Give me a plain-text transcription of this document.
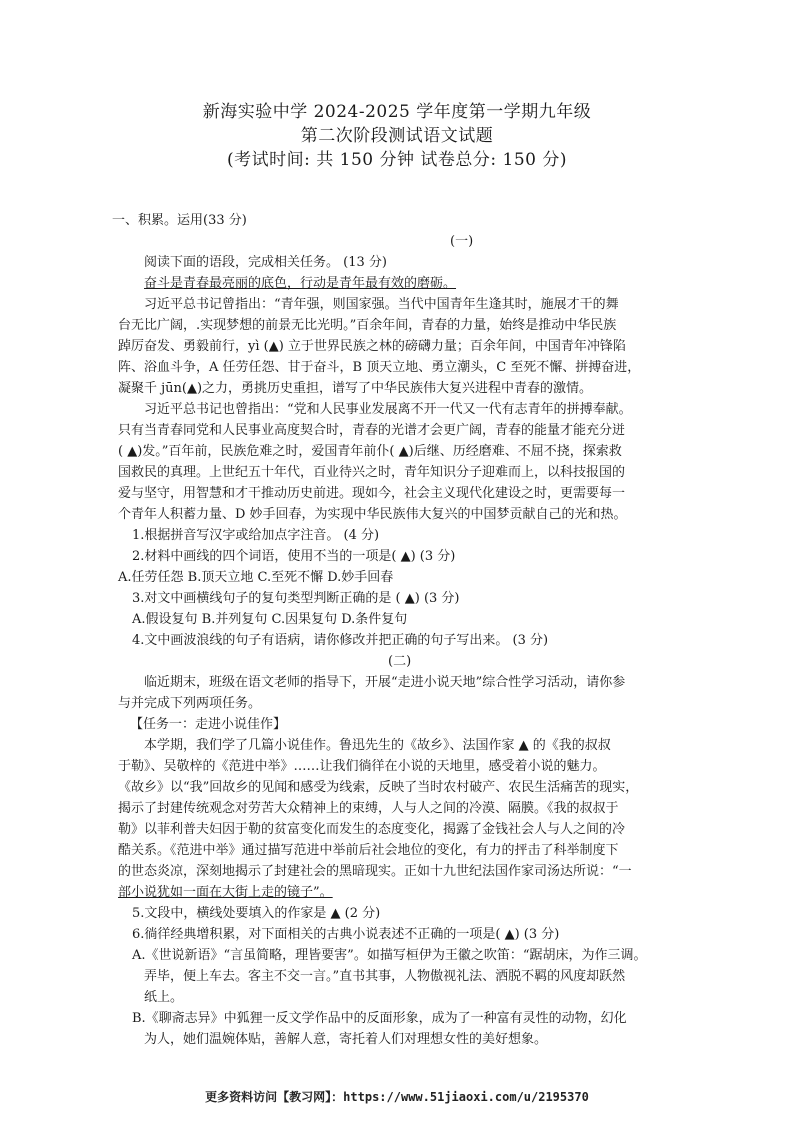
新海实验中学 2024-2025 学年度第一学期九年级
第二次阶段测试语文试题
(考试时间: 共 150 分钟 试卷总分: 150 分)
一、积累。运用(33 分)
(一)
阅读下面的语段，完成相关任务。 (13 分)
奋斗是青春最亮丽的底色，行动是青年最有效的磨砺。
习近平总书记曾指出：“青年强，则国家强。当代中国青年生逢其时，施展才干的舞
台无比广阔，.实现梦想的前景无比光明。”百余年间，青春的力量，始终是推动中华民族
踔厉奋发、勇毅前行，yì (▲) 立于世界民族之林的磅礴力量；百余年间，中国青年冲锋陷
阵、浴血斗争，A 任劳任怨、甘于奋斗，B 顶天立地、勇立潮头，C 至死不懈、拼搏奋进，
凝聚千 jūn(▲)之力，勇挑历史重担，谱写了中华民族伟大复兴进程中青春的激情。
习近平总书记也曾指出：“党和人民事业发展离不开一代又一代有志青年的拼搏奉献。
只有当青春同党和人民事业高度契合时，青春的光谱才会更广阔，青春的能量才能充分迸
( ▲)发。”百年前，民族危难之时，爱国青年前仆( ▲)后继、历经磨难、不屈不挠，探索救
国救民的真理。上世纪五十年代，百业待兴之时，青年知识分子迎难而上，以科技报国的
爱与坚守，用智慧和才干推动历史前进。现如今，社会主义现代化建设之时，更需要每一
个青年人积蓄力量、D 妙手回春，为实现中华民族伟大复兴的中国梦贡献自己的光和热。
1.根据拼音写汉字或给加点字注音。 (4 分)
2.材料中画线的四个词语，使用不当的一项是( ▲) (3 分)
A.任劳任怨 B.顶天立地 C.至死不懈 D.妙手回春
3.对文中画横线句子的复句类型判断正确的是 ( ▲) (3 分)
A.假设复句 B.并列复句 C.因果复句 D.条件复句
4.文中画波浪线的句子有语病，请你修改并把正确的句子写出来。 (3 分)
(二)
临近期末，班级在语文老师的指导下，开展“走进小说天地”综合性学习活动，请你参
与并完成下列两项任务。
【任务一：走进小说佳作】
本学期，我们学了几篇小说佳作。鲁迅先生的《故乡》、法国作家 ▲ 的《我的叔叔
于勒》、吴敬梓的《范进中举》……让我们徜徉在小说的天地里，感受着小说的魅力。
《故乡》以“我”回故乡的见闻和感受为线索，反映了当时农村破产、农民生活痛苦的现实，
揭示了封建传统观念对劳苦大众精神上的束缚，人与人之间的冷漠、隔膜。《我的叔叔于
勒》以菲利普夫妇因于勒的贫富变化而发生的态度变化，揭露了金钱社会人与人之间的冷
酷关系。《范进中举》通过描写范进中举前后社会地位的变化，有力的抨击了科举制度下
的世态炎凉，深刻地揭示了封建社会的黑暗现实。正如十九世纪法国作家司汤达所说：“一
部小说犹如一面在大街上走的镜子”。
5.文段中，横线处要填入的作家是 ▲ (2 分)
6.徜徉经典增积累，对下面相关的古典小说表述不正确的一项是( ▲) (3 分)
A.《世说新语》“言虽简略，理皆要害”。如描写桓伊为王徽之吹笛：“踞胡床，为作三调。
弄毕，便上车去。客主不交一言。”直书其事，人物傲视礼法、洒脱不羁的风度却跃然
纸上。
B.《聊斋志异》中狐狸一反文学作品中的反面形象，成为了一种富有灵性的动物，幻化
为人，她们温婉体贴，善解人意，寄托着人们对理想女性的美好想象。
更多资料访问【教习网】：https://www.51jiaoxi.com/u/2195370
